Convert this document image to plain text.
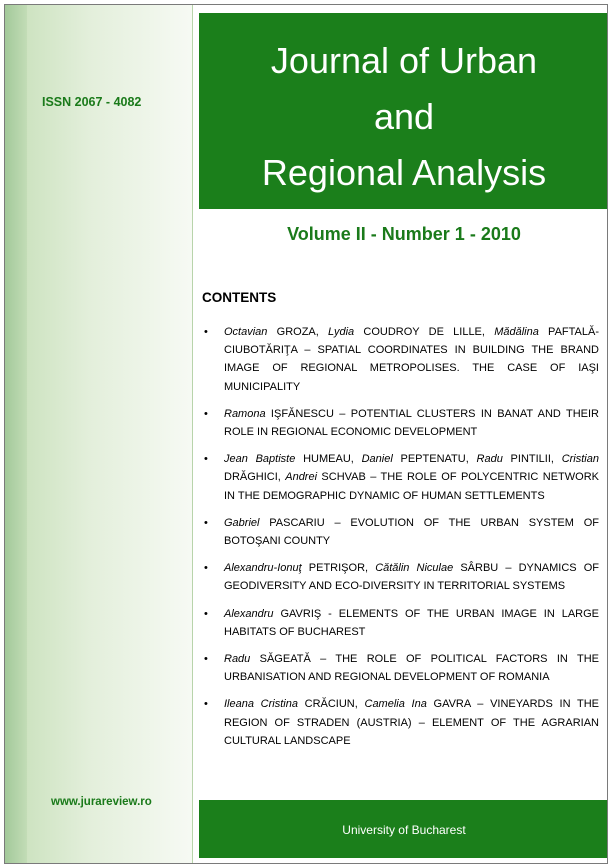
ISSN 2067 - 4082
www.jurareview.ro
Journal of Urban
and
Regional Analysis
Volume II - Number 1 - 2010
CONTENTS
• Octavian GROZA, Lydia COUDROY DE LILLE, Mădălina PAFTALĂ-CIUBOTĂRIŢA – SPATIAL COORDINATES IN BUILDING THE BRAND IMAGE OF REGIONAL METROPOLISES. THE CASE OF IAŞI MUNICIPALITY
• Ramona IŞFĂNESCU – POTENTIAL CLUSTERS IN BANAT AND THEIR ROLE IN REGIONAL ECONOMIC DEVELOPMENT
• Jean Baptiste HUMEAU, Daniel PEPTENATU, Radu PINTILII, Cristian DRĂGHICI, Andrei SCHVAB – THE ROLE OF POLYCENTRIC NETWORK IN THE DEMOGRAPHIC DYNAMIC OF HUMAN SETTLEMENTS
• Gabriel PASCARIU – EVOLUTION OF THE URBAN SYSTEM OF BOTOŞANI COUNTY
• Alexandru-Ionuţ PETRIŞOR, Cătălin Niculae SÂRBU – DYNAMICS OF GEODIVERSITY AND ECO-DIVERSITY IN TERRITORIAL SYSTEMS
• Alexandru GAVRIŞ - ELEMENTS OF THE URBAN IMAGE IN LARGE HABITATS OF BUCHAREST
• Radu SĂGEATĂ – THE ROLE OF POLITICAL FACTORS IN THE URBANISATION AND REGIONAL DEVELOPMENT OF ROMANIA
• Ileana Cristina CRĂCIUN, Camelia Ina GAVRA – VINEYARDS IN THE REGION OF STRADEN (AUSTRIA) – ELEMENT OF THE AGRARIAN CULTURAL LANDSCAPE
University of Bucharest
